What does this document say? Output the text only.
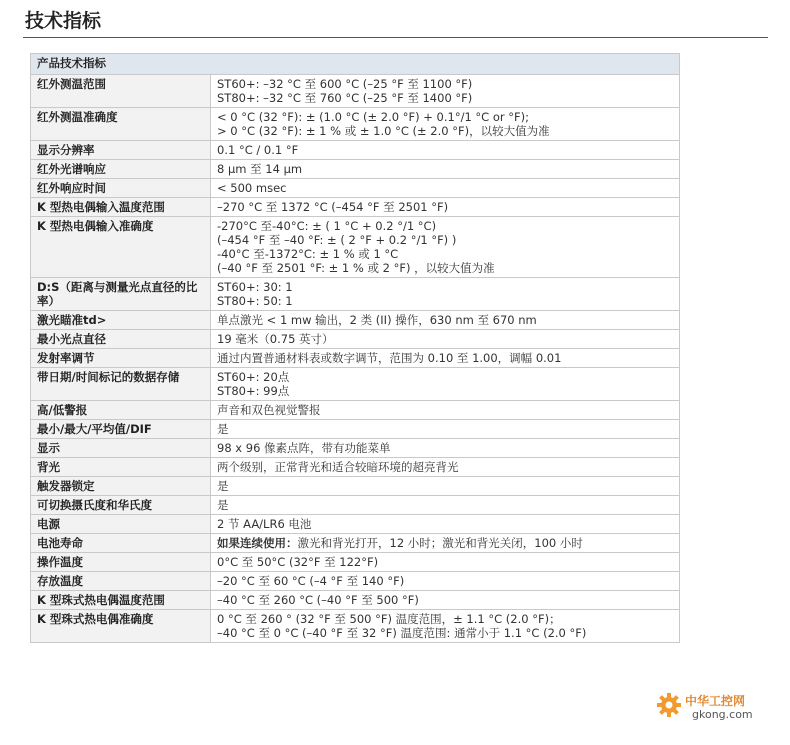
技术指标
产品技术指标	
红外测温范围	ST60+: –32 °C 至 600 °C (–25 °F 至 1100 °F)
ST80+: –32 °C 至 760 °C (–25 °F 至 1400 °F)

红外测温准确度	< 0 °C (32 °F): ± (1.0 °C (± 2.0 °F) + 0.1°/1 °C or °F);
> 0 °C (32 °F): ± 1 % 或 ± 1.0 °C (± 2.0 °F)，以较大值为准

显示分辨率	0.1 °C / 0.1 °F

红外光谱响应	8 μm 至 14 μm

红外响应时间	< 500 msec

K 型热电偶输入温度范围	–270 °C 至 1372 °C (–454 °F 至 2501 °F)

K 型热电偶输入准确度	-270°C 至-40°C: ± ( 1 °C + 0.2 °/1 °C)
(–454 °F 至 –40 °F: ± ( 2 °F + 0.2 °/1 °F) )
-40°C 至-1372°C: ± 1 % 或 1 °C
(–40 °F 至 2501 °F: ± 1 % 或 2 °F) ，以较大值为准

D:S（距离与测量光点直径的比率）	ST60+: 30: 1
ST80+: 50: 1

激光瞄准td>	单点激光 < 1 mw 输出，2 类 (II) 操作，630 nm 至 670 nm

最小光点直径	19 毫米（0.75 英寸）

发射率调节	通过内置普通材料表或数字调节，范围为 0.10 至 1.00，调幅 0.01

带日期/时间标记的数据存储	ST60+: 20点
ST80+: 99点

高/低警报	声音和双色视觉警报

最小/最大/平均值/DIF	是

显示	98 x 96 像素点阵，带有功能菜单

背光	两个级别，正常背光和适合较暗环境的超亮背光

触发器锁定	是

可切换摄氏度和华氏度	是

电源	2 节 AA/LR6 电池

电池寿命	如果连续使用：激光和背光打开，12 小时；激光和背光关闭，100 小时

操作温度	0°C 至 50°C (32°F 至 122°F)

存放温度	–20 °C 至 60 °C (–4 °F 至 140 °F)

K 型珠式热电偶温度范围	–40 °C 至 260 °C (–40 °F 至 500 °F)

K 型珠式热电偶准确度	0 °C 至 260 ° (32 °F 至 500 °F) 温度范围，± 1.1 °C (2.0 °F)；
–40 °C 至 0 °C (–40 °F 至 32 °F) 温度范围: 通常小于 1.1 °C (2.0 °F)
中华工控网
gkong.com
